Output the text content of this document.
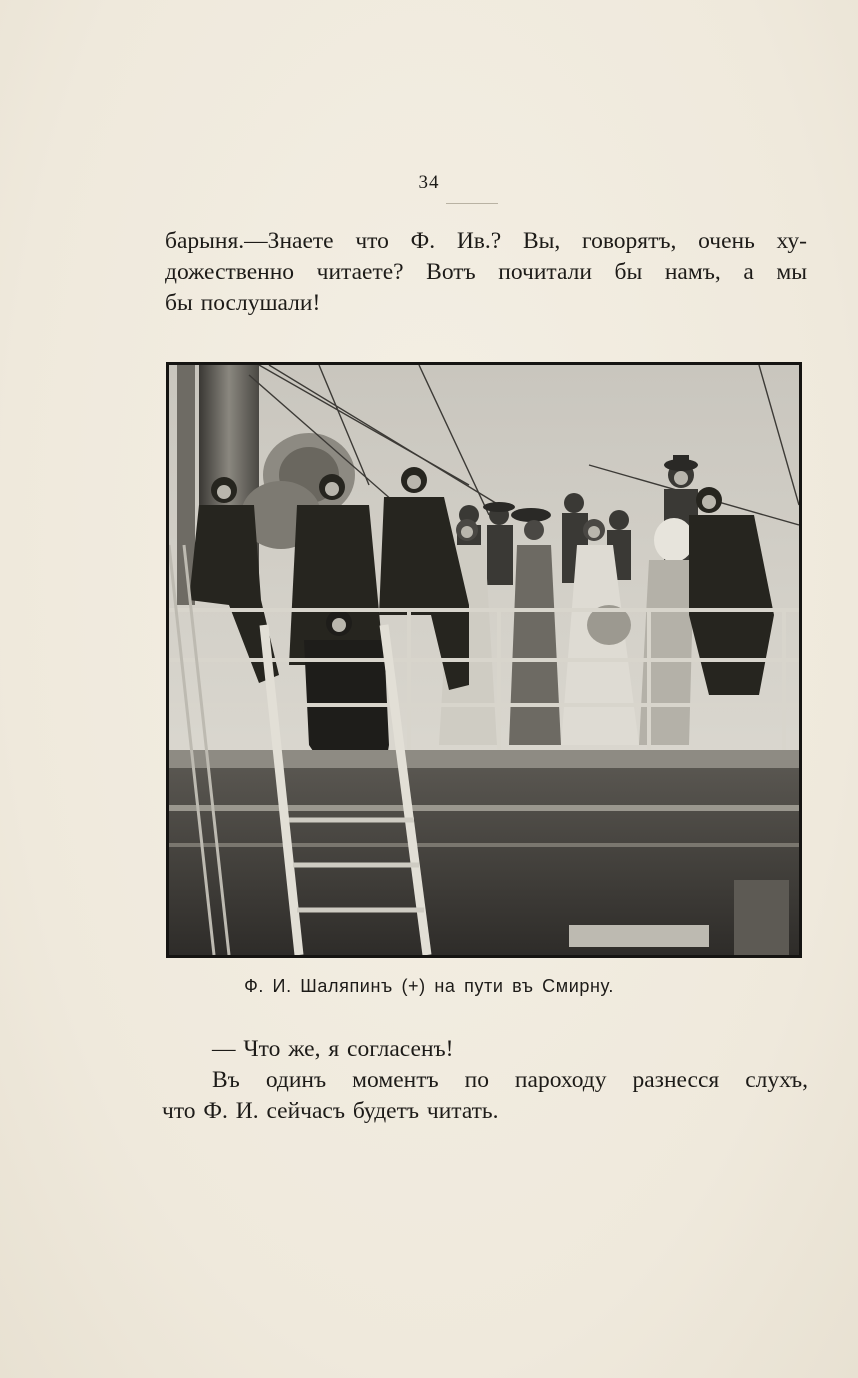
34
барыня.—Знаете что Ф. Ив.? Вы, говорятъ, очень ху-
дожественно читаете? Вотъ почитали бы намъ, а мы
бы послушали!
Ф. И. Шаляпинъ (+) на пути въ Смирну.
— Что же, я согласенъ!
Въ одинъ моментъ по пароходу разнесся слухъ,
что Ф. И. сейчасъ будетъ читать.
